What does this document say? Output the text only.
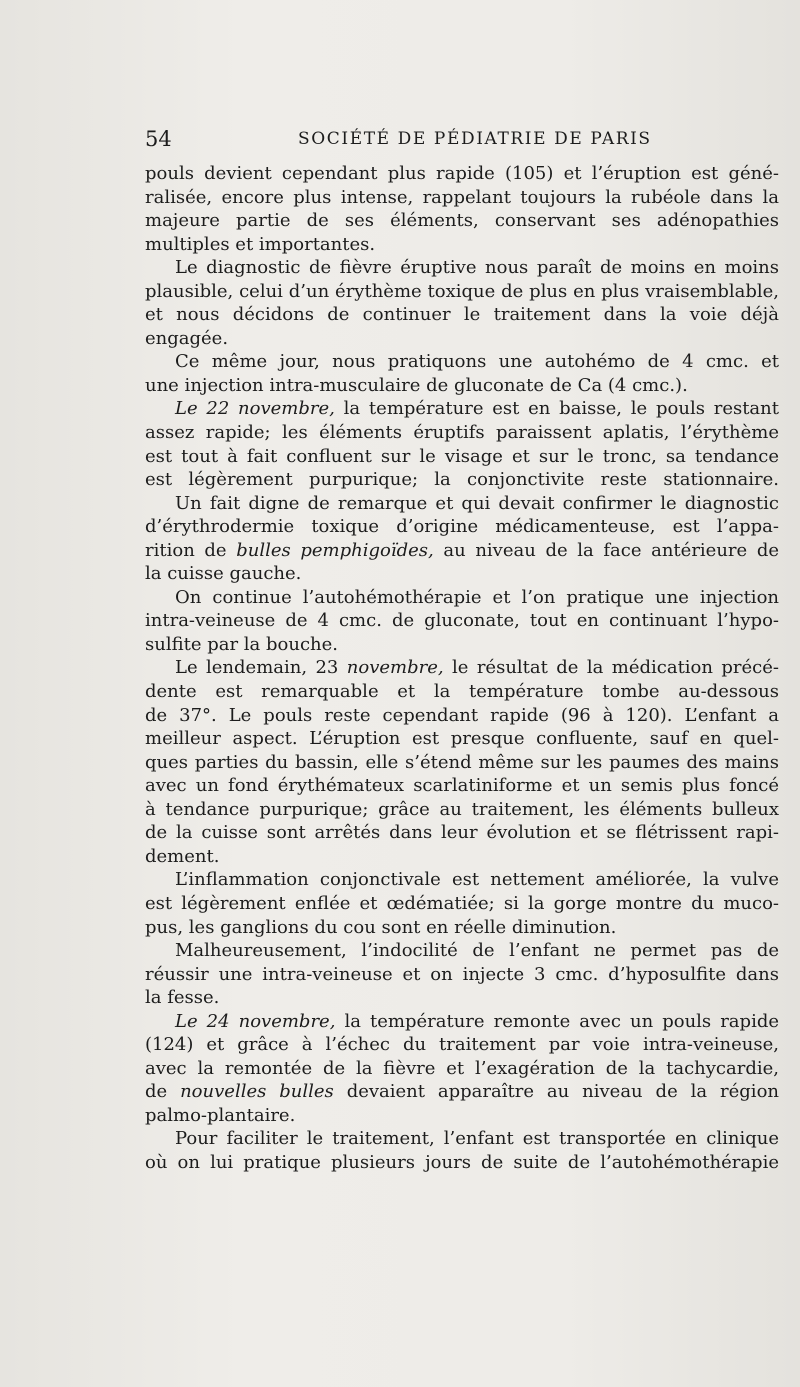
54	SOCIÉTÉ DE PÉDIATRIE DE PARIS
pouls devient cependant plus rapide (105) et l’éruption est géné-
ralisée, encore plus intense, rappelant toujours la rubéole dans la
majeure partie de ses éléments, conservant ses adénopathies
multiples et importantes.
Le diagnostic de fièvre éruptive nous paraît de moins en moins
plausible, celui d’un érythème toxique de plus en plus vraisemblable,
et nous décidons de continuer le traitement dans la voie déjà
engagée.
Ce même jour, nous pratiquons une autohémo de 4 cmc. et
une injection intra-musculaire de gluconate de Ca (4 cmc.).
Le 22 novembre, la température est en baisse, le pouls restant
assez rapide; les éléments éruptifs paraissent aplatis, l’érythème
est tout à fait confluent sur le visage et sur le tronc, sa tendance
est légèrement purpurique; la conjonctivite reste stationnaire.
Un fait digne de remarque et qui devait confirmer le diagnostic
d’érythrodermie toxique d’origine médicamenteuse, est l’appa-
rition de bulles pemphigoïdes, au niveau de la face antérieure de
la cuisse gauche.
On continue l’autohémothérapie et l’on pratique une injection
intra-veineuse de 4 cmc. de gluconate, tout en continuant l’hypo-
sulfite par la bouche.
Le lendemain, 23 novembre, le résultat de la médication précé-
dente est remarquable et la température tombe au-dessous
de 37°. Le pouls reste cependant rapide (96 à 120). L’enfant a
meilleur aspect. L’éruption est presque confluente, sauf en quel-
ques parties du bassin, elle s’étend même sur les paumes des mains
avec un fond érythémateux scarlatiniforme et un semis plus foncé
à tendance purpurique; grâce au traitement, les éléments bulleux
de la cuisse sont arrêtés dans leur évolution et se flétrissent rapi-
dement.
L’inflammation conjonctivale est nettement améliorée, la vulve
est légèrement enflée et œdématiée; si la gorge montre du muco-
pus, les ganglions du cou sont en réelle diminution.
Malheureusement, l’indocilité de l’enfant ne permet pas de
réussir une intra-veineuse et on injecte 3 cmc. d’hyposulfite dans
la fesse.
Le 24 novembre, la température remonte avec un pouls rapide
(124) et grâce à l’échec du traitement par voie intra-veineuse,
avec la remontée de la fièvre et l’exagération de la tachycardie,
de nouvelles bulles devaient apparaître au niveau de la région
palmo-plantaire.
Pour faciliter le traitement, l’enfant est transportée en clinique
où on lui pratique plusieurs jours de suite de l’autohémothérapie
